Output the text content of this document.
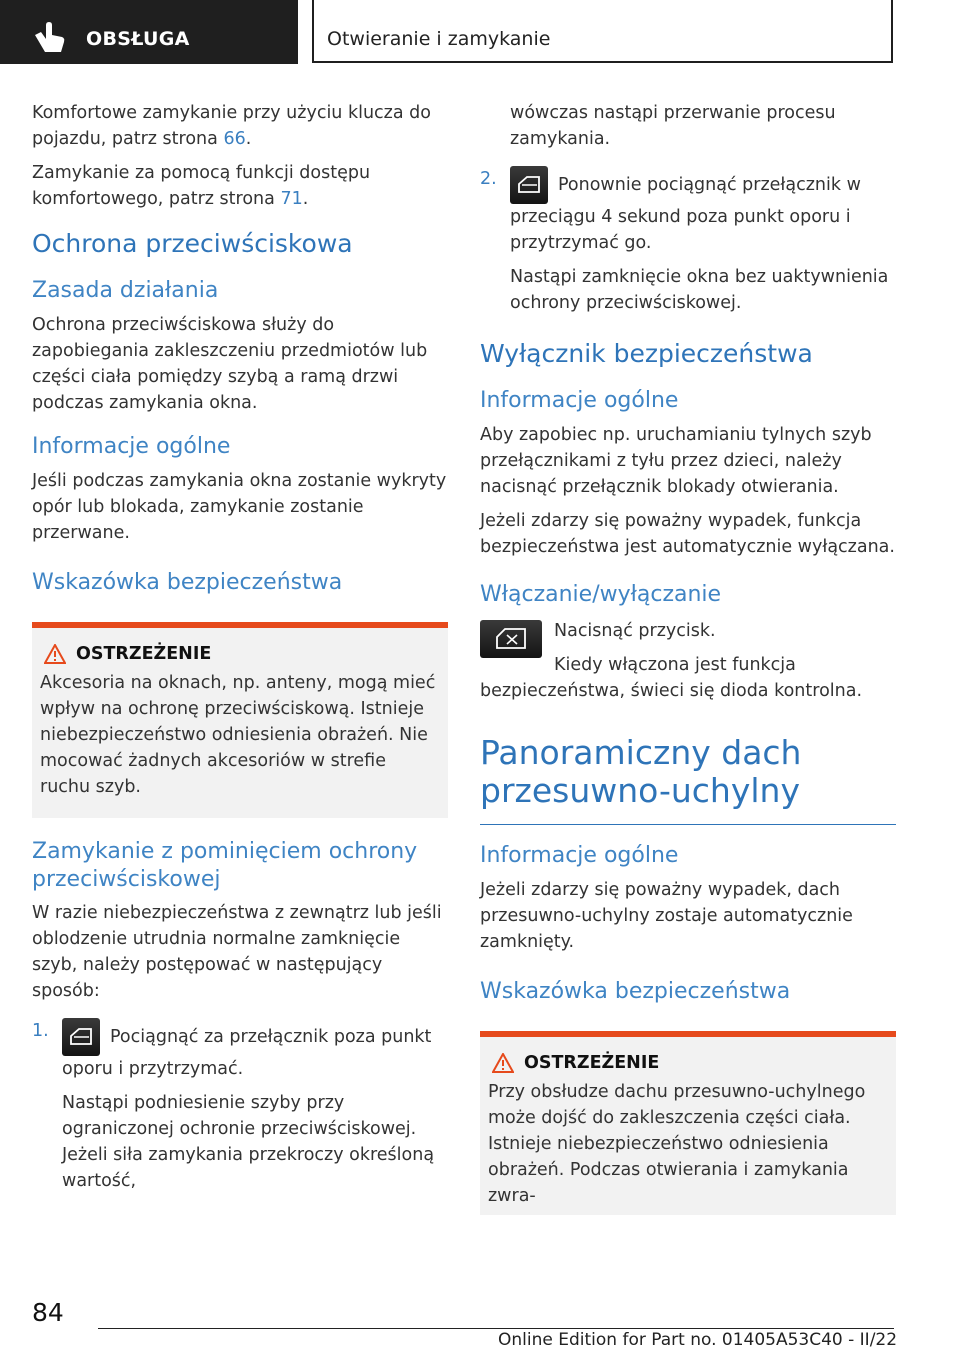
OBSŁUGA	Otwieranie i zamykanie

Komfortowe zamykanie przy użyciu klucza do pojazdu, patrz strona 66.

Zamykanie za pomocą funkcji dostępu komfortowego, patrz strona 71.

Ochrona przeciwściskowa
Zasada działania

Ochrona przeciwściskowa służy do zapobiegania zakleszczeniu przedmiotów lub części ciała pomiędzy szybą a ramą drzwi podczas zamykania okna.

Informacje ogólne

Jeśli podczas zamykania okna zostanie wykryty opór lub blokada, zamykanie zostanie przerwane.

Wskazówka bezpieczeństwa
OSTRZEŻENIE

Akcesoria na oknach, np. anteny, mogą mieć wpływ na ochronę przeciwściskową. Istnieje niebezpieczeństwo odniesienia obrażeń. Nie mocować żadnych akcesoriów w strefie ruchu szyb.

Zamykanie z pominięciem ochrony przeciwściskowej

W razie niebezpieczeństwa z zewnątrz lub jeśli oblodzenie utrudnia normalne zamknięcie szyb, należy postępować w następujący sposób:

1.	Pociągnąć za przełącznik poza punkt oporu i przytrzymać.

Nastąpi podniesienie szyby przy ograniczonej ochronie przeciwściskowej. Jeżeli siła zamykania przekroczy określoną wartość,

wówczas nastąpi przerwanie procesu zamykania.

2.	Ponownie pociągnąć przełącznik w przeciągu 4 sekund poza punkt oporu i przytrzymać go.

Nastąpi zamknięcie okna bez uaktywnienia ochrony przeciwściskowej.

Wyłącznik bezpieczeństwa
Informacje ogólne

Aby zapobiec np. uruchamianiu tylnych szyb przełącznikami z tyłu przez dzieci, należy nacisnąć przełącznik blokady otwierania.

Jeżeli zdarzy się poważny wypadek, funkcja bezpieczeństwa jest automatycznie wyłączana.

Włączanie/wyłączanie

Nacisnąć przycisk.

Kiedy włączona jest funkcja bezpieczeństwa, świeci się dioda kontrolna.

Panoramiczny dach przesuwno-uchylny
Informacje ogólne

Jeżeli zdarzy się poważny wypadek, dach przesuwno-uchylny zostaje automatycznie zamknięty.

Wskazówka bezpieczeństwa
OSTRZEŻENIE

Przy obsłudze dachu przesuwno-uchylnego może dojść do zakleszczenia części ciała. Istnieje niebezpieczeństwo odniesienia obrażeń. Podczas otwierania i zamykania zwra-

84
Online Edition for Part no. 01405A53C40 - II/22
